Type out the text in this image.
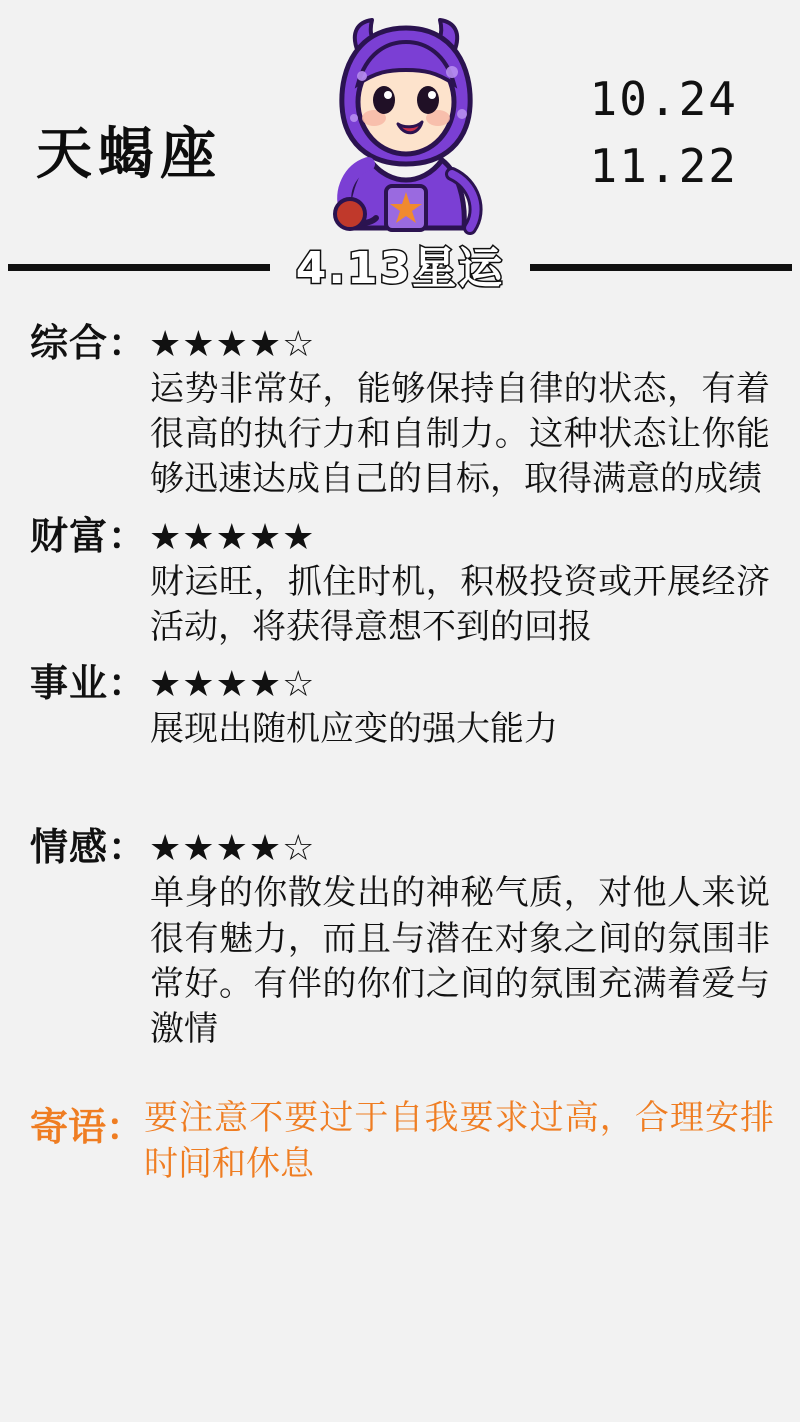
天蝎座
10.24
11.22
4.13星运
综合： ★★★★☆
运势非常好，能够保持自律的状态，有着很高的执行力和自制力。这种状态让你能够迅速达成自己的目标，取得满意的成绩
财富： ★★★★★
财运旺，抓住时机，积极投资或开展经济活动，将获得意想不到的回报
事业： ★★★★☆
展现出随机应变的强大能力
情感： ★★★★☆
单身的你散发出的神秘气质，对他人来说很有魅力，而且与潜在对象之间的氛围非常好。有伴的你们之间的氛围充满着爱与激情
寄语： 要注意不要过于自我要求过高，合理安排时间和休息
